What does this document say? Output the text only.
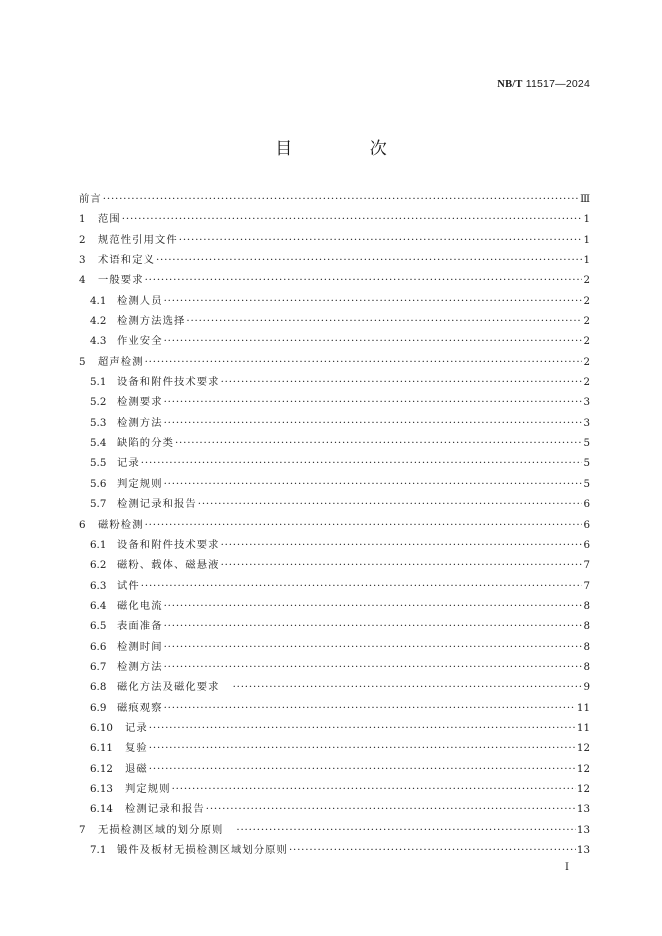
NB/T 11517—2024
目 次
前言 ·····	Ⅲ
1	范围 ·····	1
2	规范性引用文件 ·····	1
3	术语和定义 ·····	1
4	一般要求 ·····	2
4.1	检测人员 ·····	2
4.2	检测方法选择 ·····	2
4.3	作业安全 ·····	2
5	超声检测 ·····	2
5.1	设备和附件技术要求 ·····	2
5.2	检测要求 ·····	3
5.3	检测方法 ·····	3
5.4	缺陷的分类 ·····	5
5.5	记录 ·····	5
5.6	判定规则 ·····	5
5.7	检测记录和报告 ·····	6
6	磁粉检测 ·····	6
6.1	设备和附件技术要求 ·····	6
6.2	磁粉、载体、磁悬液 ·····	7
6.3	试件 ·····	7
6.4	磁化电流 ·····	8
6.5	表面准备 ·····	8
6.6	检测时间 ·····	8
6.7	检测方法 ·····	8
6.8	磁化方法及磁化要求 ·····	9
6.9	磁痕观察 ·····	11
6.10	记录 ·····	11
6.11	复验 ·····	12
6.12	退磁 ·····	12
6.13	判定规则 ·····	12
6.14	检测记录和报告 ·····	13
7	无损检测区域的划分原则 ·····	13
7.1	锻件及板材无损检测区域划分原则 ·····	13
Ⅰ
